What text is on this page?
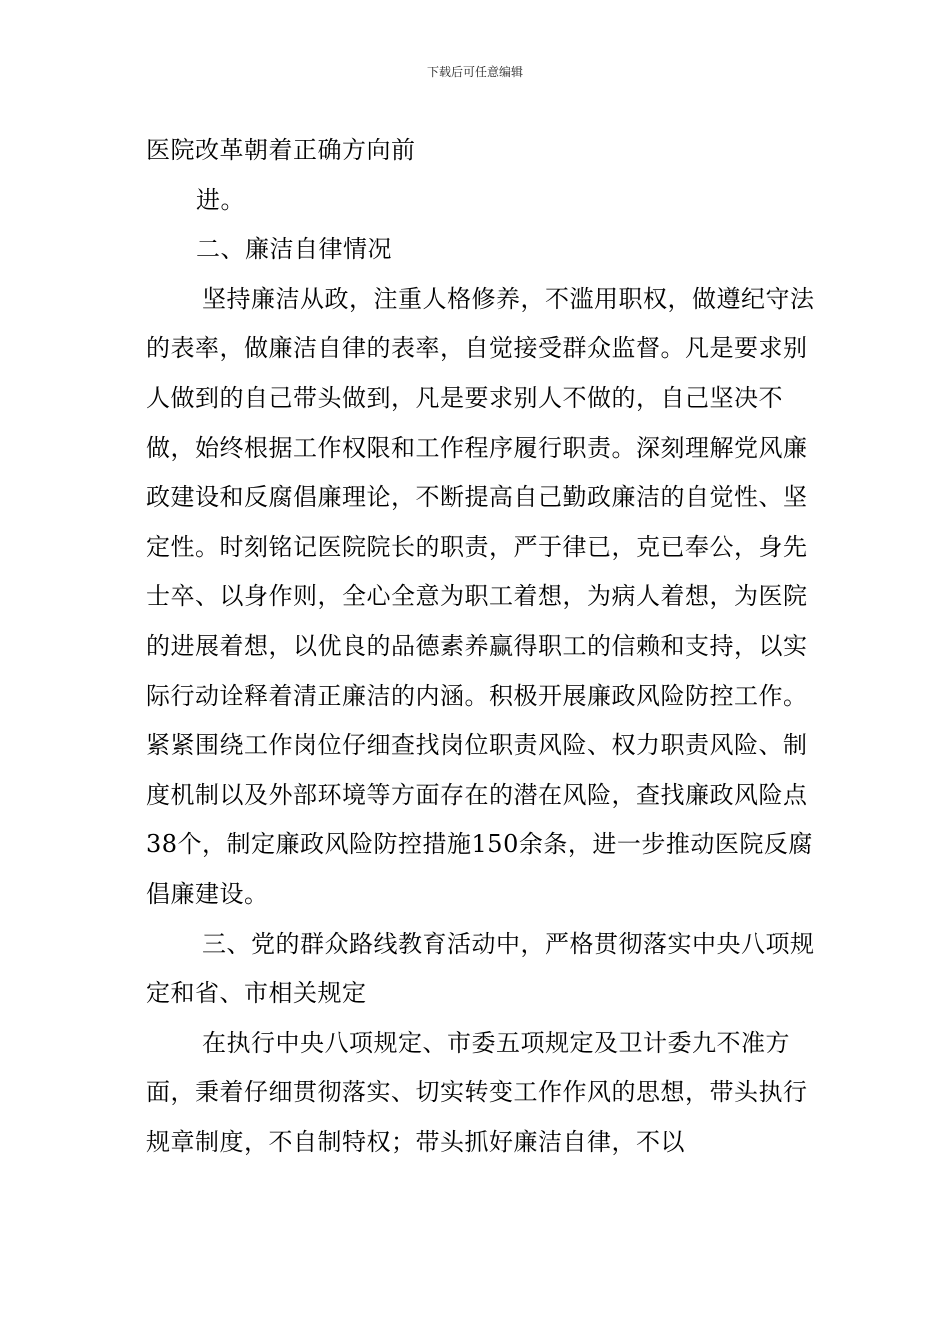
下载后可任意编辑

医院改革朝着正确方向前

进。

二、廉洁自律情况

坚持廉洁从政，注重人格修养，不滥用职权，做遵纪守法的表率，做廉洁自律的表率，自觉接受群众监督。凡是要求别人做到的自己带头做到，凡是要求别人不做的，自己坚决不做，始终根据工作权限和工作程序履行职责。深刻理解党风廉政建设和反腐倡廉理论，不断提高自己勤政廉洁的自觉性、坚定性。时刻铭记医院院长的职责，严于律已，克已奉公，身先士卒、以身作则，全心全意为职工着想，为病人着想，为医院的进展着想，以优良的品德素养赢得职工的信赖和支持，以实际行动诠释着清正廉洁的内涵。积极开展廉政风险防控工作。紧紧围绕工作岗位仔细查找岗位职责风险、权力职责风险、制度机制以及外部环境等方面存在的潜在风险，查找廉政风险点38个，制定廉政风险防控措施150余条，进一步推动医院反腐倡廉建设。

三、党的群众路线教育活动中，严格贯彻落实中央八项规定和省、市相关规定

在执行中央八项规定、市委五项规定及卫计委九不准方面，秉着仔细贯彻落实、切实转变工作作风的思想，带头执行规章制度，不自制特权；带头抓好廉洁自律，不以
